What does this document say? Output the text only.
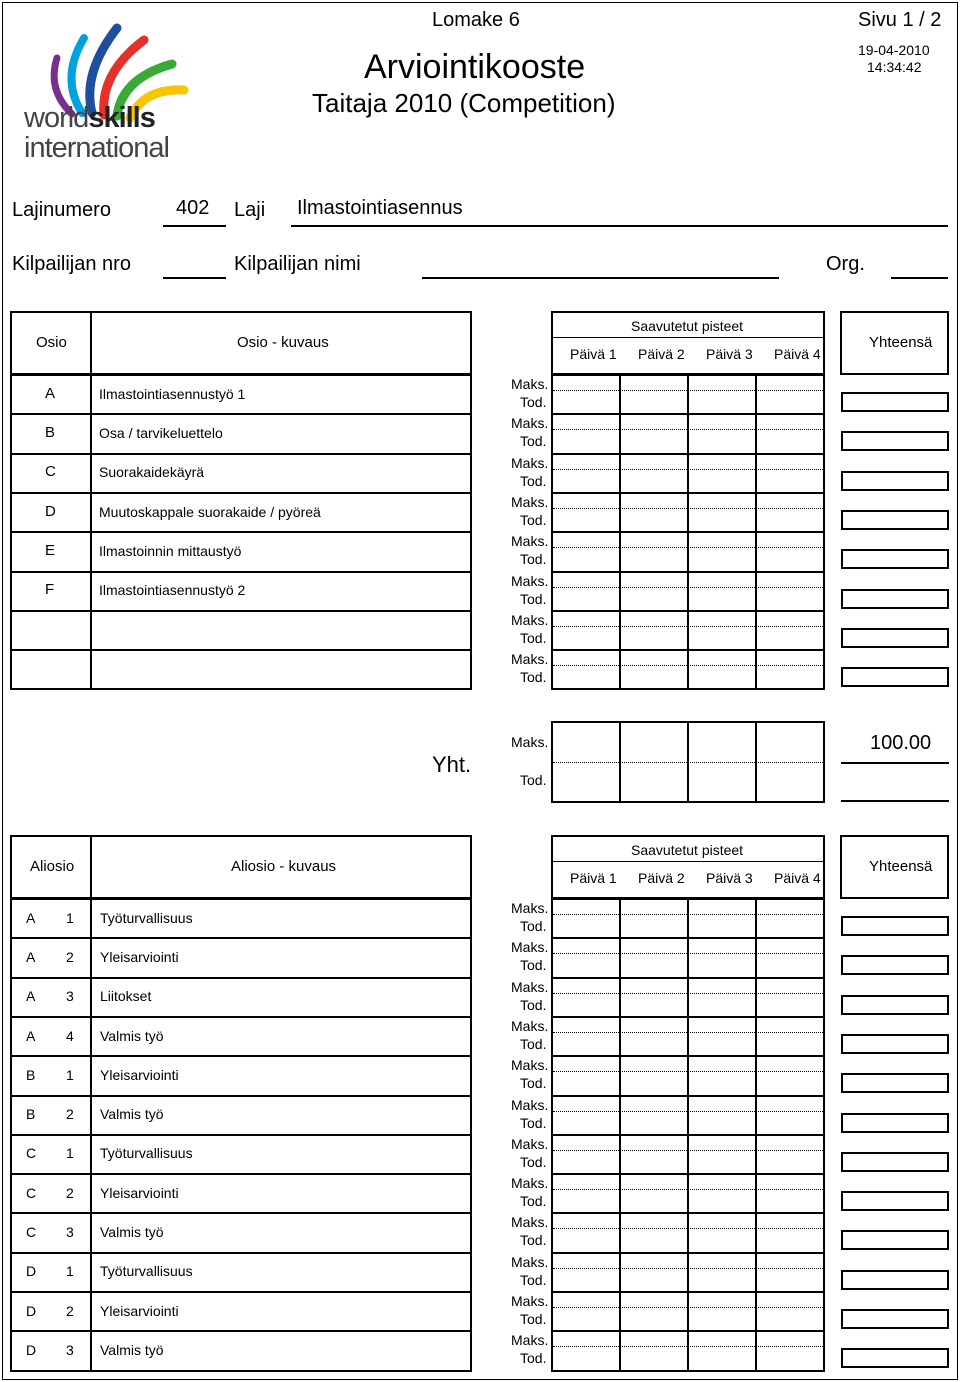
worldskills
international
Lomake 6	Sivu 1 / 2
Arviointikooste
Taitaja 2010 (Competition)
19-04-2010
14:34:42
Lajinumero	402 Laji Ilmastointiasennus
Kilpailijan nro	Kilpailijan nimi	Org.
Osio	Osio - kuvaus
Saavutetut pisteet
Päivä 1 Päivä 2 Päivä 3 Päivä 4
Yhteensä
A	Ilmastointiasennustyö 1
Maks.
Tod.
B	Osa / tarvikeluettelo
Maks.
Tod.
C	Suorakaidekäyrä
Maks.
Tod.
D	Muutoskappale suorakaide / pyöreä
Maks.
Tod.
E	Ilmastoinnin mittaustyö
Maks.
Tod.
F	Ilmastointiasennustyö 2
Maks.
Tod.
Maks.
Tod.
Maks.
Tod.
Yht.
Maks.
Tod.
100.00
Aliosio	Aliosio - kuvaus
Saavutetut pisteet
Päivä 1 Päivä 2 Päivä 3 Päivä 4
Yhteensä
A 1 Työturvallisuus
Maks.
Tod.
A 2 Yleisarviointi
Maks.
Tod.
A 3 Liitokset
Maks.
Tod.
A 4 Valmis työ
Maks.
Tod.
B 1 Yleisarviointi
Maks.
Tod.
B 2 Valmis työ
Maks.
Tod.
C 1 Työturvallisuus
Maks.
Tod.
C 2 Yleisarviointi
Maks.
Tod.
C 3 Valmis työ
Maks.
Tod.
D 1 Työturvallisuus
Maks.
Tod.
D 2 Yleisarviointi
Maks.
Tod.
D 3 Valmis työ
Maks.
Tod.
